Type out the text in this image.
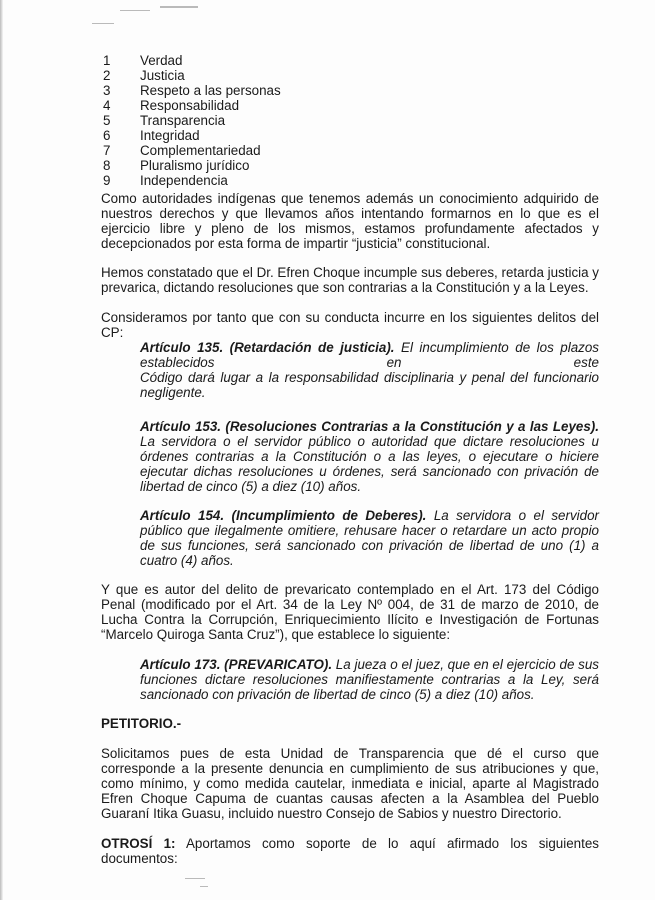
1	Verdad
2	Justicia
3	Respeto a las personas
4	Responsabilidad
5	Transparencia
6	Integridad
7	Complementariedad
8	Pluralismo jurídico
9	Independencia

Como autoridades indígenas que tenemos además un conocimiento adquirido de nuestros derechos y que llevamos años intentando formarnos en lo que es el ejercicio libre y pleno de los mismos, estamos profundamente afectados y decepcionados por esta forma de impartir “justicia” constitucional.

Hemos constatado que el Dr. Efren Choque incumple sus deberes, retarda justicia y prevarica, dictando resoluciones que son contrarias a la Constitución y a la Leyes.

Consideramos por tanto que con su conducta incurre en los siguientes delitos del CP:

Artículo 135. (Retardación de justicia). El incumplimiento de los plazos establecidos en este
Código dará lugar a la responsabilidad disciplinaria y penal del funcionario negligente.
Artículo 153. (Resoluciones Contrarias a la Constitución y a las Leyes). La servidora o el servidor público o autoridad que dictare resoluciones u órdenes contrarias a la Constitución o a las leyes, o ejecutare o hiciere ejecutar dichas resoluciones u órdenes, será sancionado con privación de libertad de cinco (5) a diez (10) años.
Artículo 154. (Incumplimiento de Deberes). La servidora o el servidor público que ilegalmente omitiere, rehusare hacer o retardare un acto propio de sus funciones, será sancionado con privación de libertad de uno (1) a cuatro (4) años.

Y que es autor del delito de prevaricato contemplado en el Art. 173 del Código Penal (modificado por el Art. 34 de la Ley Nº 004, de 31 de marzo de 2010, de Lucha Contra la Corrupción, Enriquecimiento Ilícito e Investigación de Fortunas “Marcelo Quiroga Santa Cruz”), que establece lo siguiente:

Artículo 173. (PREVARICATO). La jueza o el juez, que en el ejercicio de sus funciones dictare resoluciones manifiestamente contrarias a la Ley, será sancionado con privación de libertad de cinco (5) a diez (10) años.
PETITORIO.-

Solicitamos pues de esta Unidad de Transparencia que dé el curso que corresponde a la presente denuncia en cumplimiento de sus atribuciones y que, como mínimo, y como medida cautelar, inmediata e inicial, aparte al Magistrado Efren Choque Capuma de cuantas causas afecten a la Asamblea del Pueblo Guaraní Itika Guasu, incluido nuestro Consejo de Sabios y nuestro Directorio.

OTROSÍ 1: Aportamos como soporte de lo aquí afirmado los siguientes documentos:
